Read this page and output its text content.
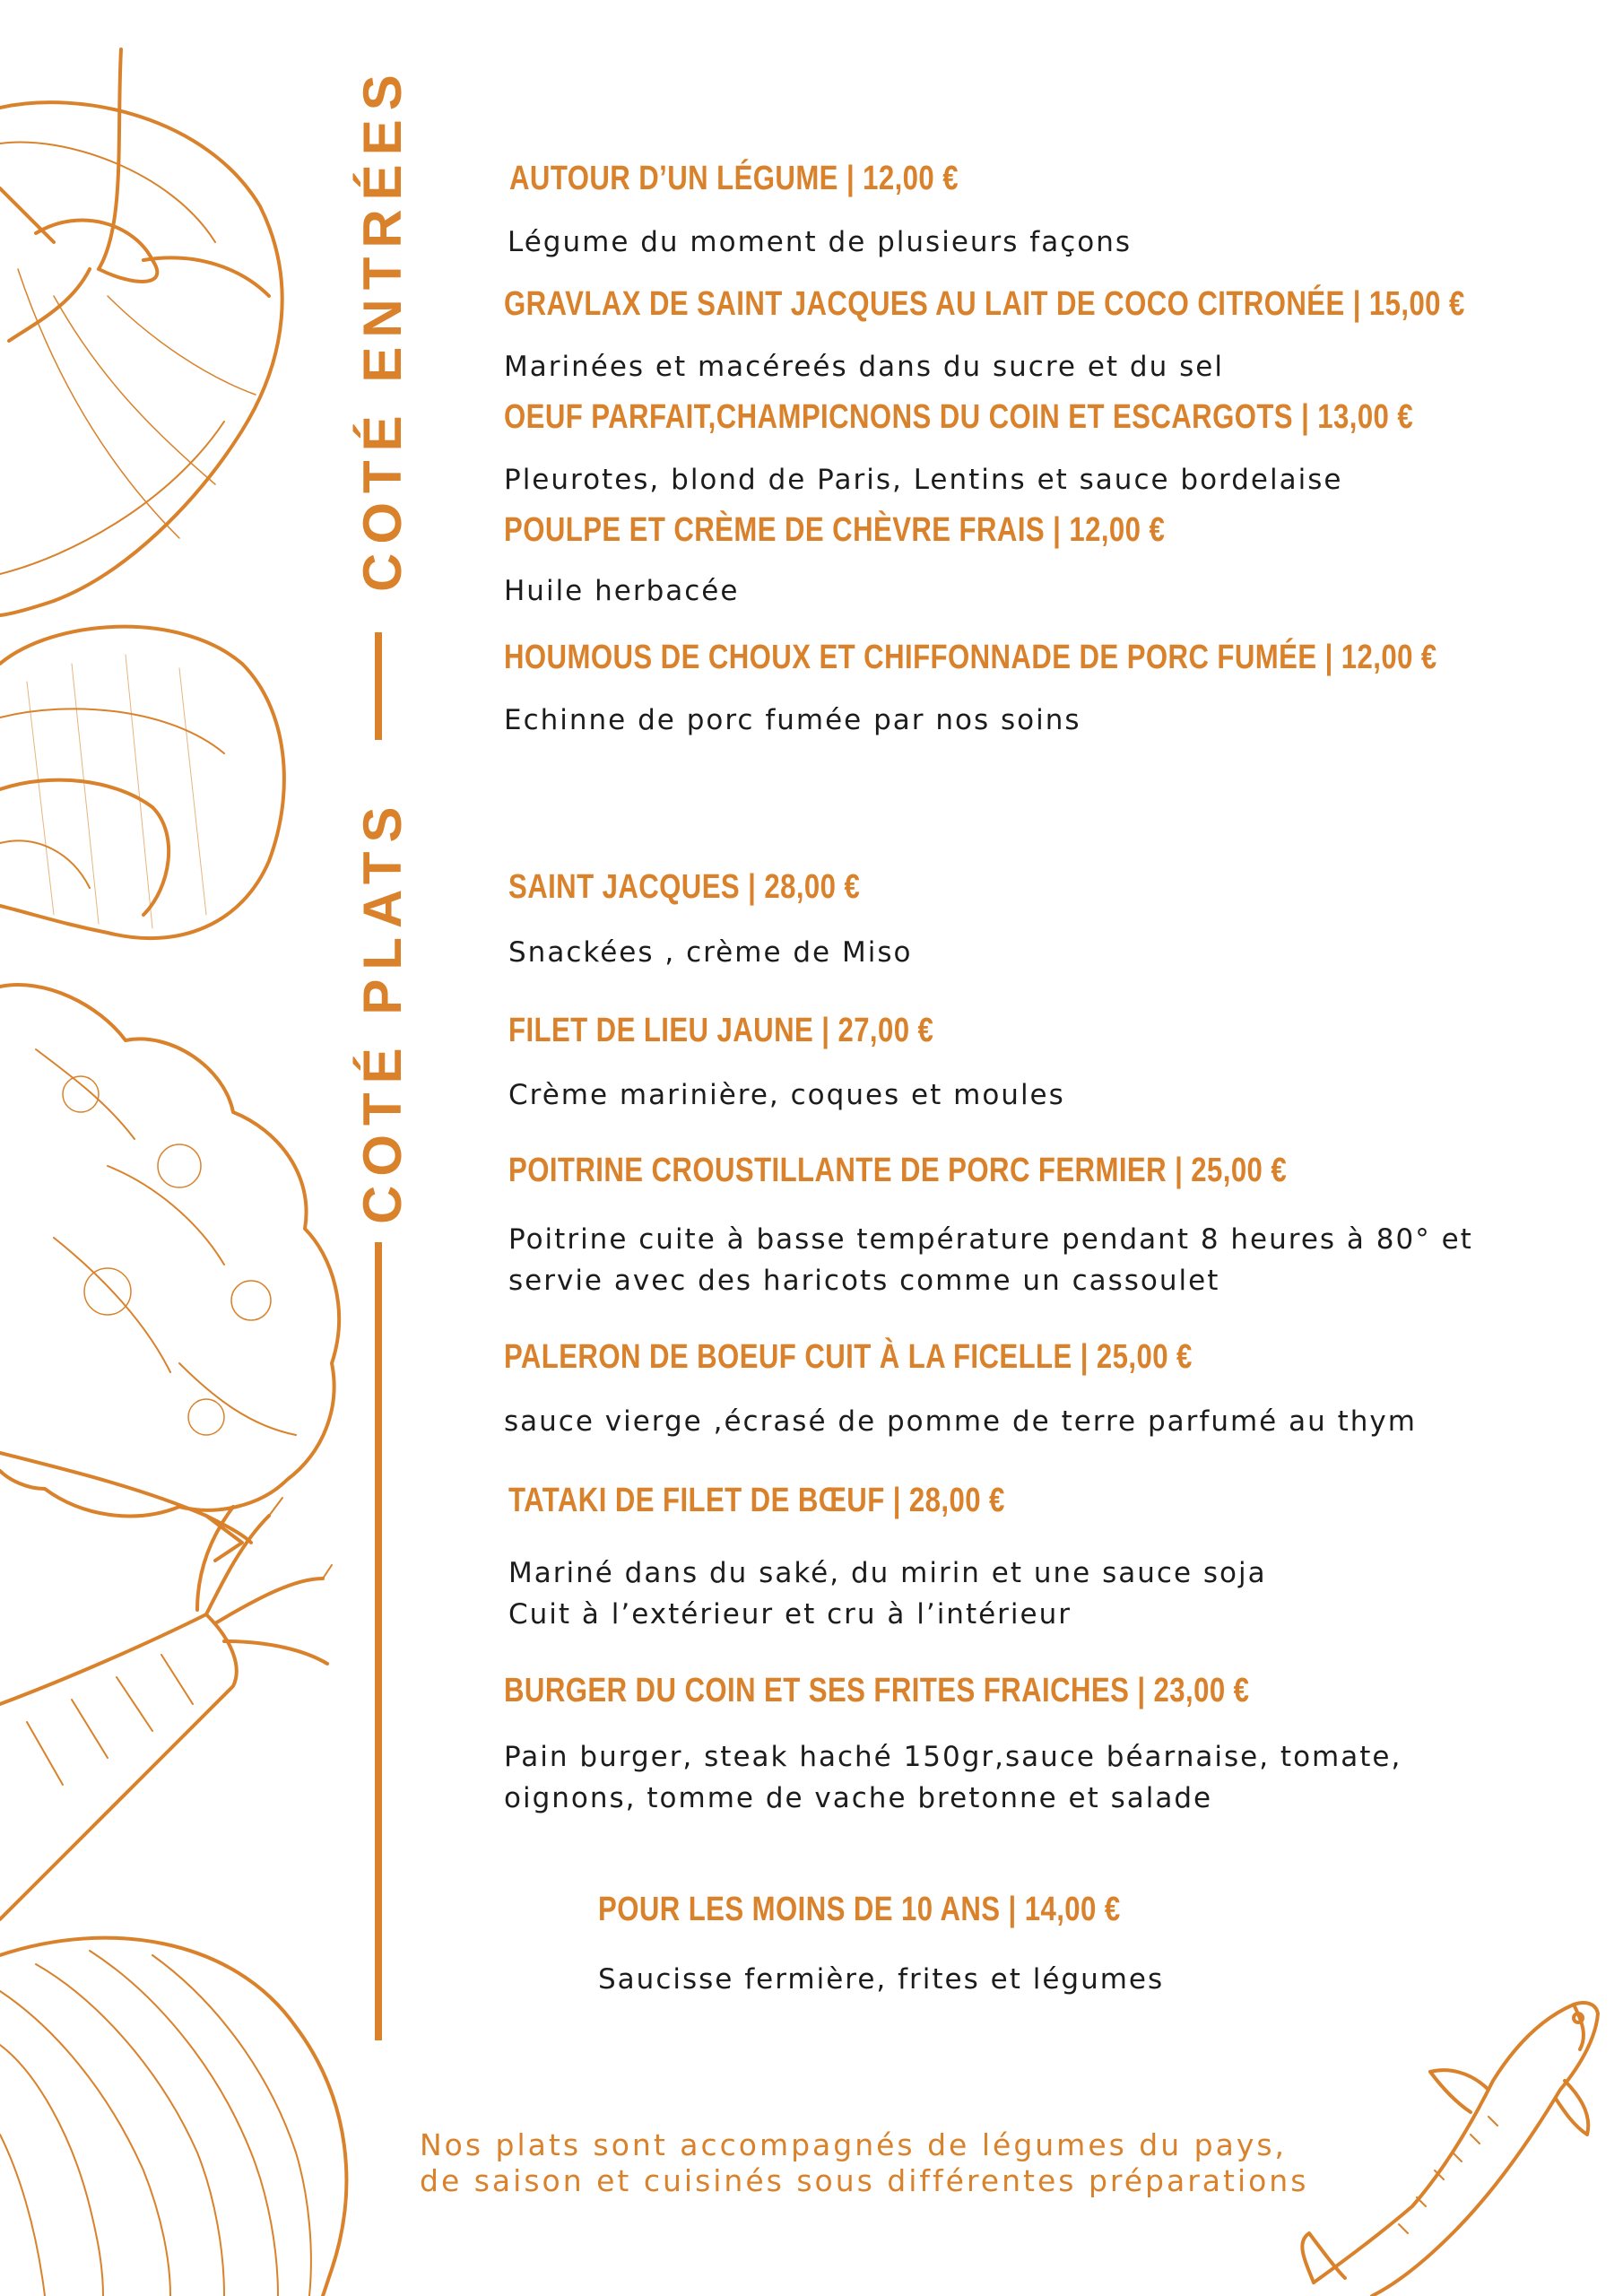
COTÉ ENTRÉES
COTÉ PLATS
AUTOUR D’UN LÉGUME | 12,00 €
Légume du moment de plusieurs façons
GRAVLAX DE SAINT JACQUES AU LAIT DE COCO CITRONÉE | 15,00 €
Marinées et macéreés dans du sucre et du sel
OEUF PARFAIT,CHAMPICNONS DU COIN ET ESCARGOTS | 13,00 €
Pleurotes, blond de Paris, Lentins et sauce bordelaise
POULPE ET CRÈME DE CHÈVRE FRAIS | 12,00 €
Huile herbacée
HOUMOUS DE CHOUX ET CHIFFONNADE DE PORC FUMÉE | 12,00 €
Echinne de porc fumée par nos soins
SAINT JACQUES | 28,00 €
Snackées , crème de Miso
FILET DE LIEU JAUNE | 27,00 €
Crème marinière, coques et moules
POITRINE CROUSTILLANTE DE PORC FERMIER | 25,00 €
Poitrine cuite à basse température pendant 8 heures à 80° et
servie avec des haricots comme un cassoulet
PALERON DE BOEUF CUIT À LA FICELLE | 25,00 €
sauce vierge ,écrasé de pomme de terre parfumé au thym
TATAKI DE FILET DE BŒUF | 28,00 €
Mariné dans du saké, du mirin et une sauce soja
Cuit à l’extérieur et cru à l’intérieur
BURGER DU COIN ET SES FRITES FRAICHES | 23,00 €
Pain burger, steak haché 150gr,sauce béarnaise, tomate,
oignons, tomme de vache bretonne et salade
POUR LES MOINS DE 10 ANS | 14,00 €
Saucisse fermière, frites et légumes
Nos plats sont accompagnés de légumes du pays,
de saison et cuisinés sous différentes préparations
